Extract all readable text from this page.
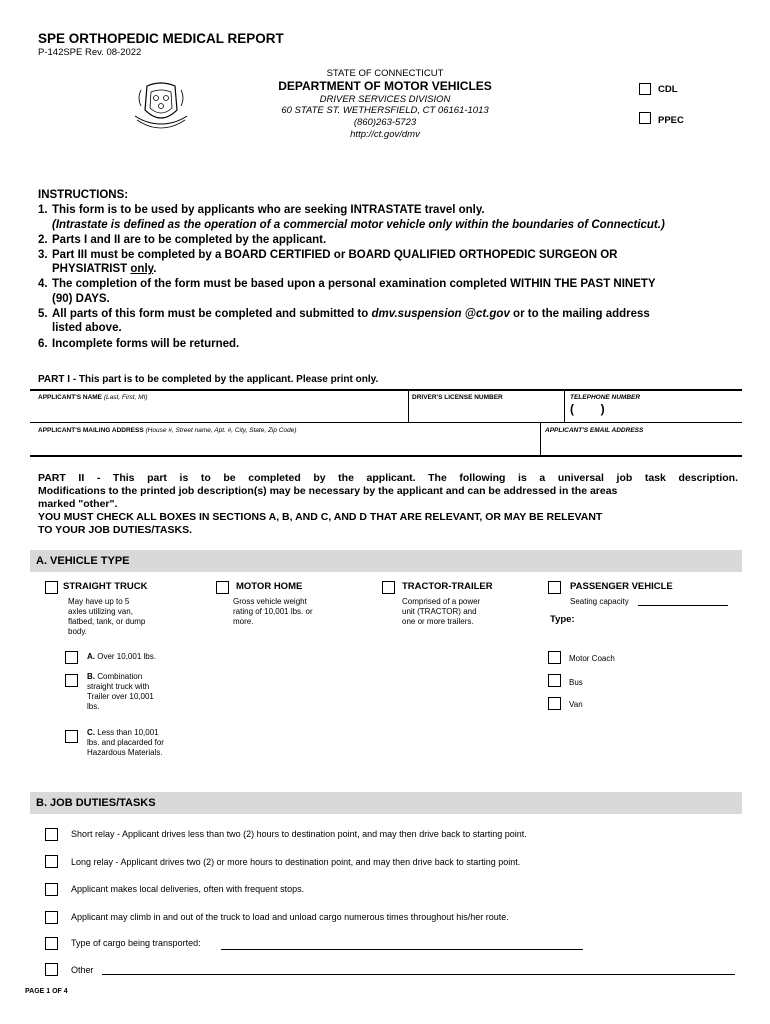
SPE ORTHOPEDIC MEDICAL REPORT
P-142SPE Rev. 08-2022
STATE OF CONNECTICUT
DEPARTMENT OF MOTOR VEHICLES
DRIVER SERVICES DIVISION
60 STATE ST. WETHERSFIELD, CT 06161-1013
(860)263-5723
http://ct.gov/dmv
CDL
PPEC
INSTRUCTIONS:
1. This form is to be used by applicants who are seeking INTRASTATE travel only.
(Intrastate is defined as the operation of a commercial motor vehicle only within the boundaries of Connecticut.)
2. Parts I and II are to be completed by the applicant.
3. Part III must be completed by a BOARD CERTIFIED or BOARD QUALIFIED ORTHOPEDIC SURGEON OR
PHYSIATRIST only.
4. The completion of the form must be based upon a personal examination completed WITHIN THE PAST NINETY
(90) DAYS.
5. All parts of this form must be completed and submitted to dmv.suspension @ct.gov or to the mailing address
listed above.
6. Incomplete forms will be returned.
PART I - This part is to be completed by the applicant. Please print only.
APPLICANT'S NAME (Last, First, MI)	DRIVER'S LICENSE NUMBER	TELEPHONE NUMBER
(        )
APPLICANT'S MAILING ADDRESS (House #, Street name, Apt. #, City, State, Zip Code)	APPLICANT'S EMAIL ADDRESS
PART II - This part is to be completed by the applicant. The following is a universal job task description.
Modifications to the printed job description(s) may be necessary by the applicant and can be addressed in the areas
marked "other".
YOU MUST CHECK ALL BOXES IN SECTIONS A, B, AND C, AND D THAT ARE RELEVANT, OR MAY BE RELEVANT
TO YOUR JOB DUTIES/TASKS.
A. VEHICLE TYPE
STRAIGHT TRUCK
May have up to 5
axles utilizing van,
flatbed, tank, or dump
body.
MOTOR HOME
Gross vehicle weight
rating of 10,001 lbs. or
more.
TRACTOR-TRAILER
Comprised of a power
unit (TRACTOR) and
one or more trailers.
PASSENGER VEHICLE
Seating capacity
Type:
A. Over 10,001 lbs.
B. Combination
straight truck with
Trailer over 10,001
lbs.
C. Less than 10,001
lbs. and placarded for
Hazardous Materials.
Motor Coach
Bus
Van
B. JOB DUTIES/TASKS
Short relay - Applicant drives less than two (2) hours to destination point, and may then drive back to starting point.
Long relay - Applicant drives two (2) or more hours to destination point, and may then drive back to starting point.
Applicant makes local deliveries, often with frequent stops.
Applicant may climb in and out of the truck to load and unload cargo numerous times throughout his/her route.
Type of cargo being transported:
Other
PAGE 1 OF 4
